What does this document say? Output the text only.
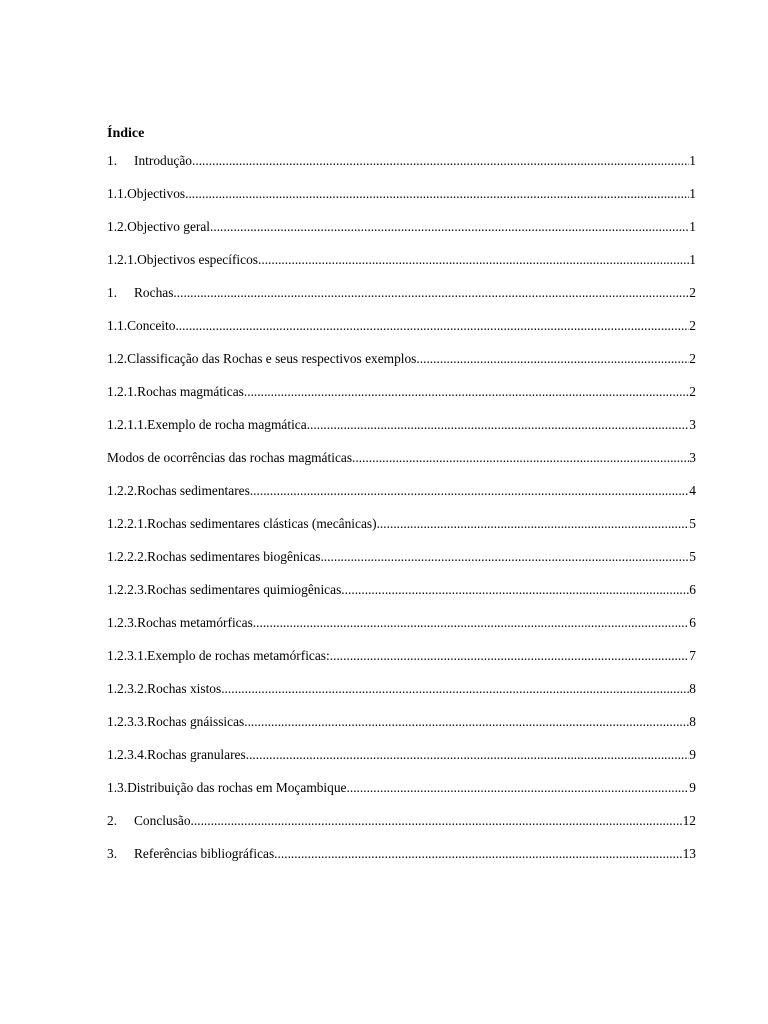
Índice
1.	Introdução .....	1
1.1. Objectivos .....	1
1.2. Objectivo geral .....	1
1.2.1. Objectivos específicos .....	1
1.	Rochas .....	2
1.1. Conceito .....	2
1.2. Classificação das Rochas e seus respectivos exemplos .....	2
1.2.1. Rochas magmáticas .....	2
1.2.1.1. Exemplo de rocha magmática .....	3
Modos de ocorrências das rochas magmáticas .....	3
1.2.2. Rochas sedimentares .....	4
1.2.2.1. Rochas sedimentares clásticas (mecânicas) .....	5
1.2.2.2. Rochas sedimentares biogênicas .....	5
1.2.2.3. Rochas sedimentares quimiogênicas .....	6
1.2.3. Rochas metamórficas .....	6
1.2.3.1. Exemplo de rochas metamórficas: .....	7
1.2.3.2. Rochas xistos .....	8
1.2.3.3. Rochas gnáissicas .....	8
1.2.3.4. Rochas granulares .....	9
1.3. Distribuição das rochas em Moçambique .....	9
2.	Conclusão .....	12
3.	Referências bibliográficas .....	13
